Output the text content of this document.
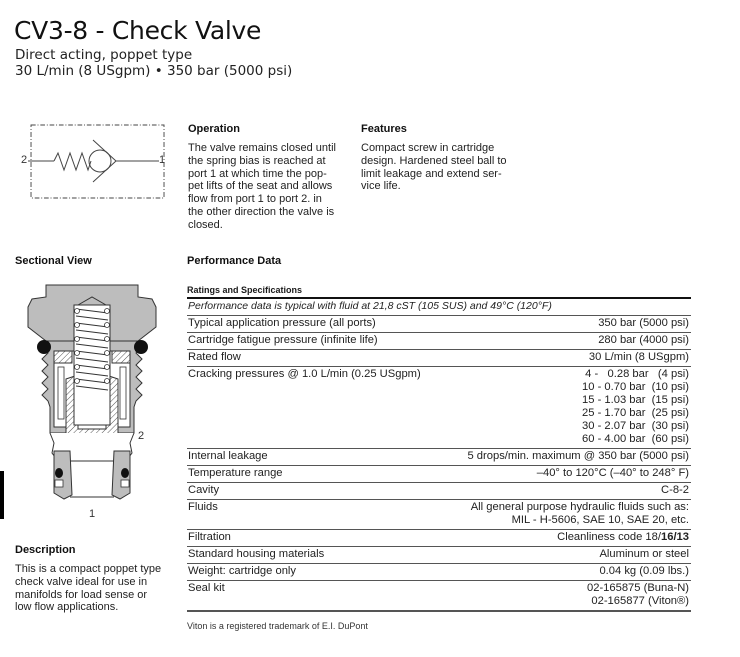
CV3-8 - Check Valve
Direct acting, poppet type
30 L/min (8 USgpm) • 350 bar (5000 psi)
2	1
Operation
The valve remains closed until
the spring bias is reached at
port 1 at which time the pop-
pet lifts of the seat and allows
flow from port 1 to port 2. in
the other direction the valve is
closed.
Features
Compact screw in cartridge
design. Hardened steel ball to
limit leakage and extend ser-
vice life.
Sectional View
2
1
Description
This is a compact poppet type
check valve ideal for use in
manifolds for load sense or
low flow applications.
Performance Data
Ratings and Specifications
Performance data is typical with fluid at 21,8 cST (105 SUS) and 49°C (120°F)
Typical application pressure (all ports)	350 bar (5000 psi)
Cartridge fatigue pressure (infinite life)	280 bar (4000 psi)
Rated flow	30 L/min (8 USgpm)
Cracking pressures @ 1.0 L/min (0.25 USgpm)	4 -   0.28 bar   (4 psi)
10 - 0.70 bar  (10 psi)
15 - 1.03 bar  (15 psi)
25 - 1.70 bar  (25 psi)
30 - 2.07 bar  (30 psi)
60 - 4.00 bar  (60 psi)
Internal leakage	5 drops/min. maximum @ 350 bar (5000 psi)
Temperature range	–40° to 120°C (–40° to 248° F)
Cavity	C-8-2
Fluids	All general purpose hydraulic fluids such as:
MIL - H-5606, SAE 10, SAE 20, etc.
Filtration	Cleanliness code 18/16/13
Standard housing materials	Aluminum or steel
Weight: cartridge only	0.04 kg (0.09 lbs.)
Seal kit	02-165875 (Buna-N)
02-165877 (Viton®)
Viton is a registered trademark of E.I. DuPont
